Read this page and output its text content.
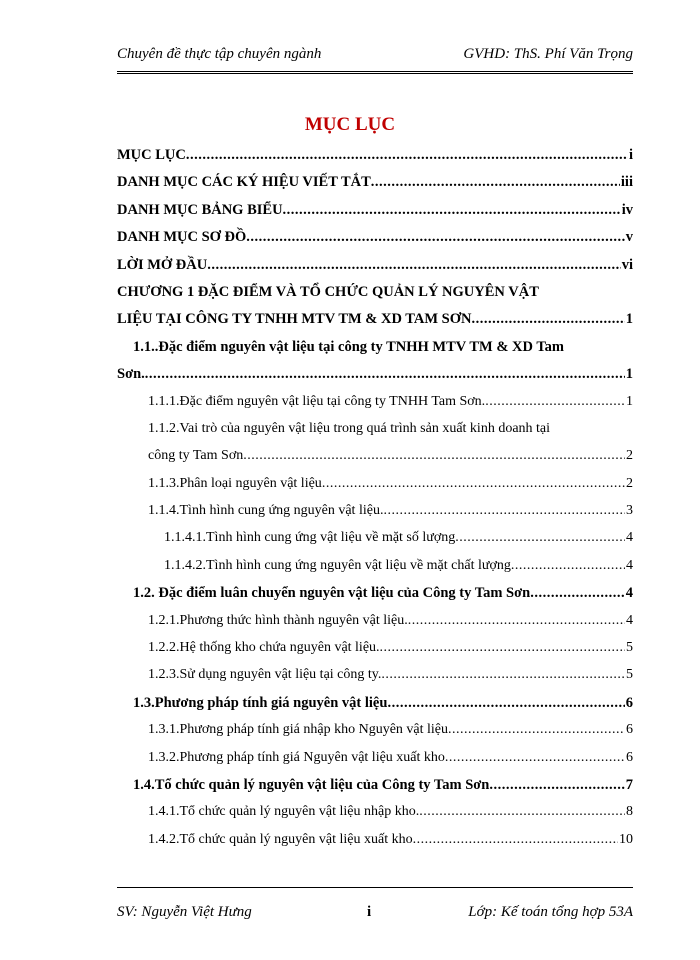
Chuyên đề thực tập chuyên ngành	GVHD: ThS. Phí Văn Trọng
MỤC LỤC
MỤC LỤC .....	i
DANH MỤC CÁC KÝ HIỆU VIẾT TẮT .....	iii
DANH MỤC BẢNG BIỂU .....	iv
DANH MỤC SƠ ĐỒ .....	v
LỜI MỞ ĐẦU .....	vi
CHƯƠNG 1 ĐẶC ĐIỂM VÀ TỔ CHỨC QUẢN LÝ NGUYÊN VẬT
LIỆU TẠI CÔNG TY TNHH MTV TM & XD TAM SƠN .....	1
1.1..Đặc điểm nguyên vật liệu tại công ty TNHH MTV TM & XD Tam
Sơn. .....	1
1.1.1.Đặc điểm nguyên vật liệu tại công ty TNHH Tam Sơn. .....	1
1.1.2.Vai trò của nguyên vật liệu trong quá trình sản xuất kinh doanh tại
công ty Tam Sơn .....	2
1.1.3.Phân loại nguyên vật liệu .....	2
1.1.4.Tình hình cung ứng nguyên vật liệu. .....	3
1.1.4.1.Tình hình cung ứng vật liệu về mặt số lượng .....	4
1.1.4.2.Tình hình cung ứng nguyên vật liệu về mặt chất lượng .....	4
1.2. Đặc điểm luân chuyển nguyên vật liệu của Công ty Tam Sơn .....	4
1.2.1.Phương thức hình thành nguyên vật liệu. .....	4
1.2.2.Hệ thống kho chứa nguyên vật liệu. .....	5
1.2.3.Sử dụng nguyên vật liệu tại công ty. .....	5
1.3.Phương pháp tính giá nguyên vật liệu .....	6
1.3.1.Phương pháp tính giá nhập kho Nguyên vật liệu .....	6
1.3.2.Phương pháp tính giá Nguyên vật liệu xuất kho .....	6
1.4.Tổ chức quản lý nguyên vật liệu của Công ty Tam Sơn .....	7
1.4.1.Tổ chức quản lý nguyên vật liệu nhập kho. .....	8
1.4.2.Tổ chức quản lý nguyên vật liệu xuất kho .....	10
SV: Nguyễn Việt Hưng	i	Lớp: Kế toán tổng hợp 53A
